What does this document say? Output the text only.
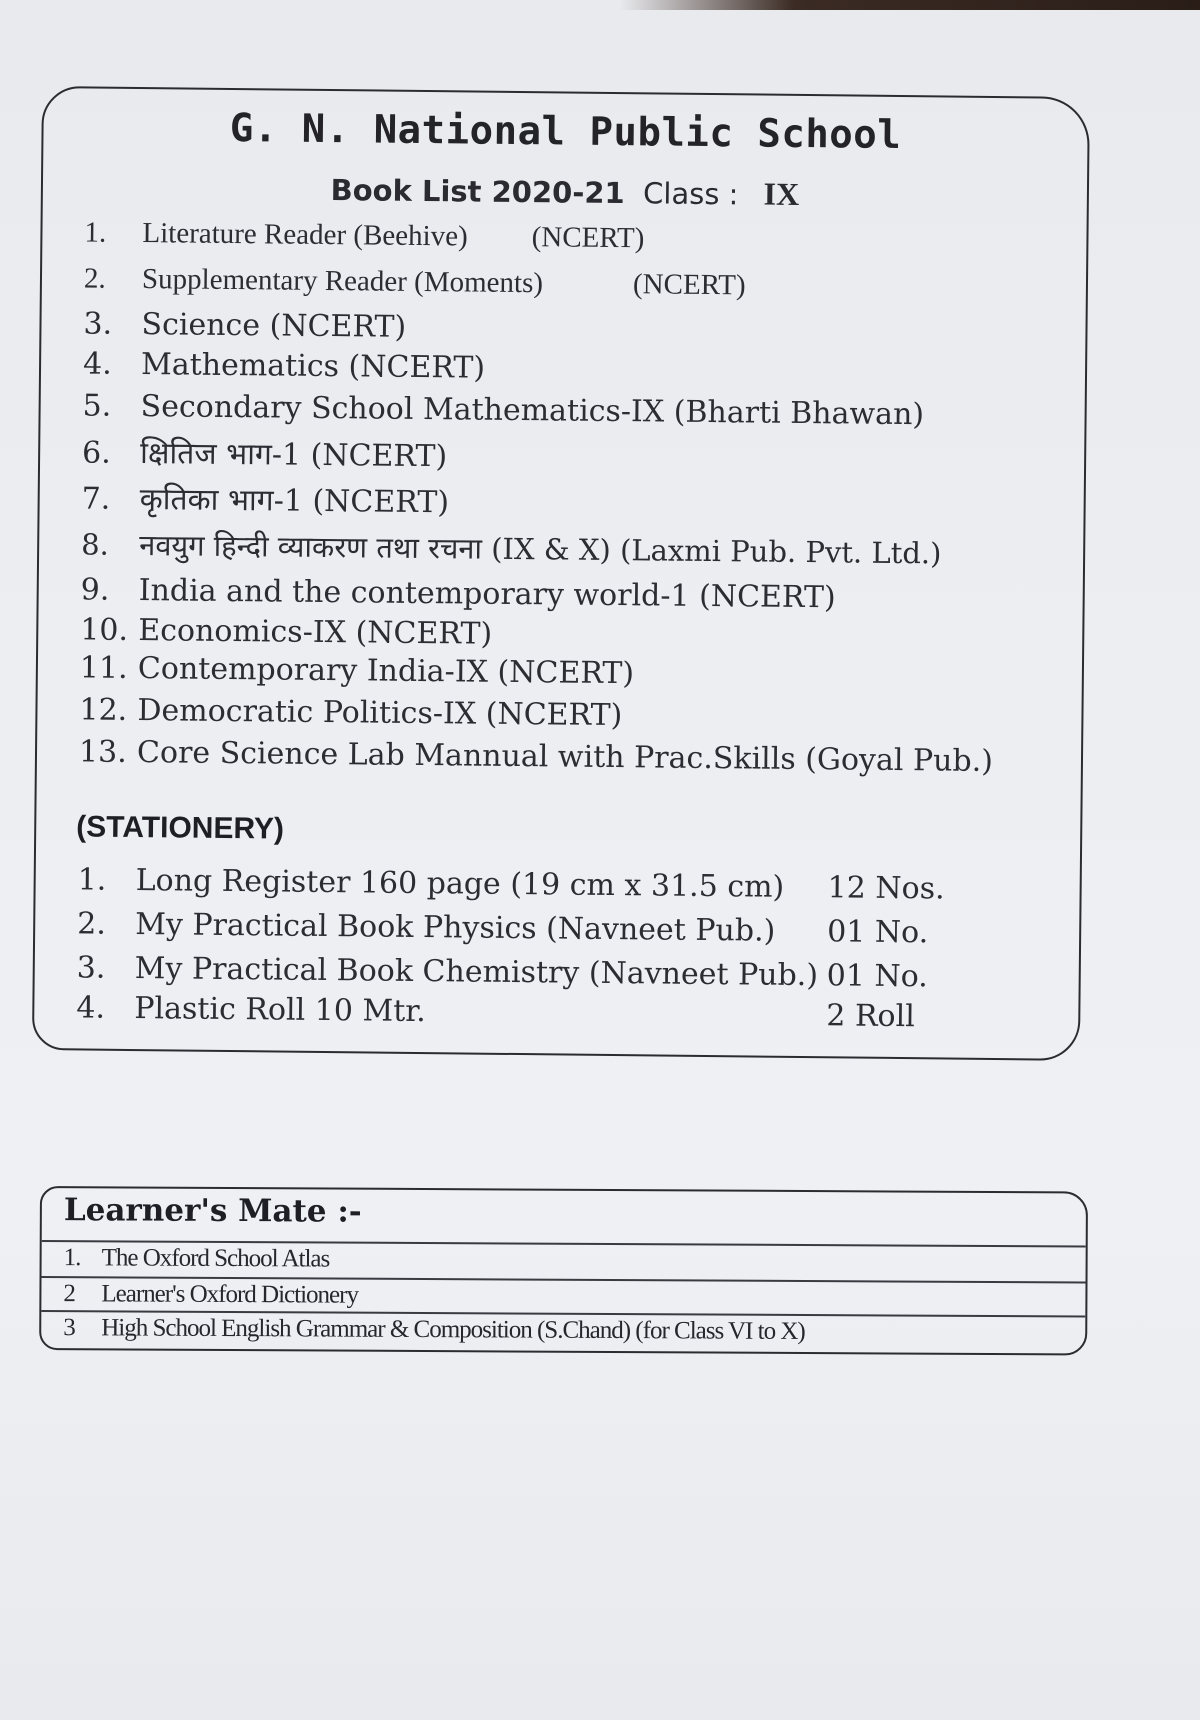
G. N. National Public School
Book List 2020-21 Class : IX
1. Literature Reader (Beehive) (NCERT)
2. Supplementary Reader (Moments)	(NCERT)
3. Science (NCERT)
4. Mathematics (NCERT)
5. Secondary School Mathematics-IX (Bharti Bhawan)
6. क्षितिज भाग-1 (NCERT)
7. कृतिका भाग-1 (NCERT)
8. नवयुग हिन्दी व्याकरण तथा रचना (IX & X) (Laxmi Pub. Pvt. Ltd.)
9. India and the contemporary world-1 (NCERT)
10. Economics-IX (NCERT)
11. Contemporary India-IX (NCERT)
12. Democratic Politics-IX (NCERT)
13. Core Science Lab Mannual with Prac.Skills (Goyal Pub.)
(STATIONERY)
1. Long Register 160 page (19 cm x 31.5 cm) 12 Nos.
2. My Practical Book Physics (Navneet Pub.) 01 No.
3. My Practical Book Chemistry (Navneet Pub.) 01 No.
4. Plastic Roll 10 Mtr.	2 Roll
Learner's Mate :-
1. The Oxford School Atlas
2 Learner's Oxford Dictionery
3 High School English Grammar & Composition (S.Chand) (for Class VI to X)
